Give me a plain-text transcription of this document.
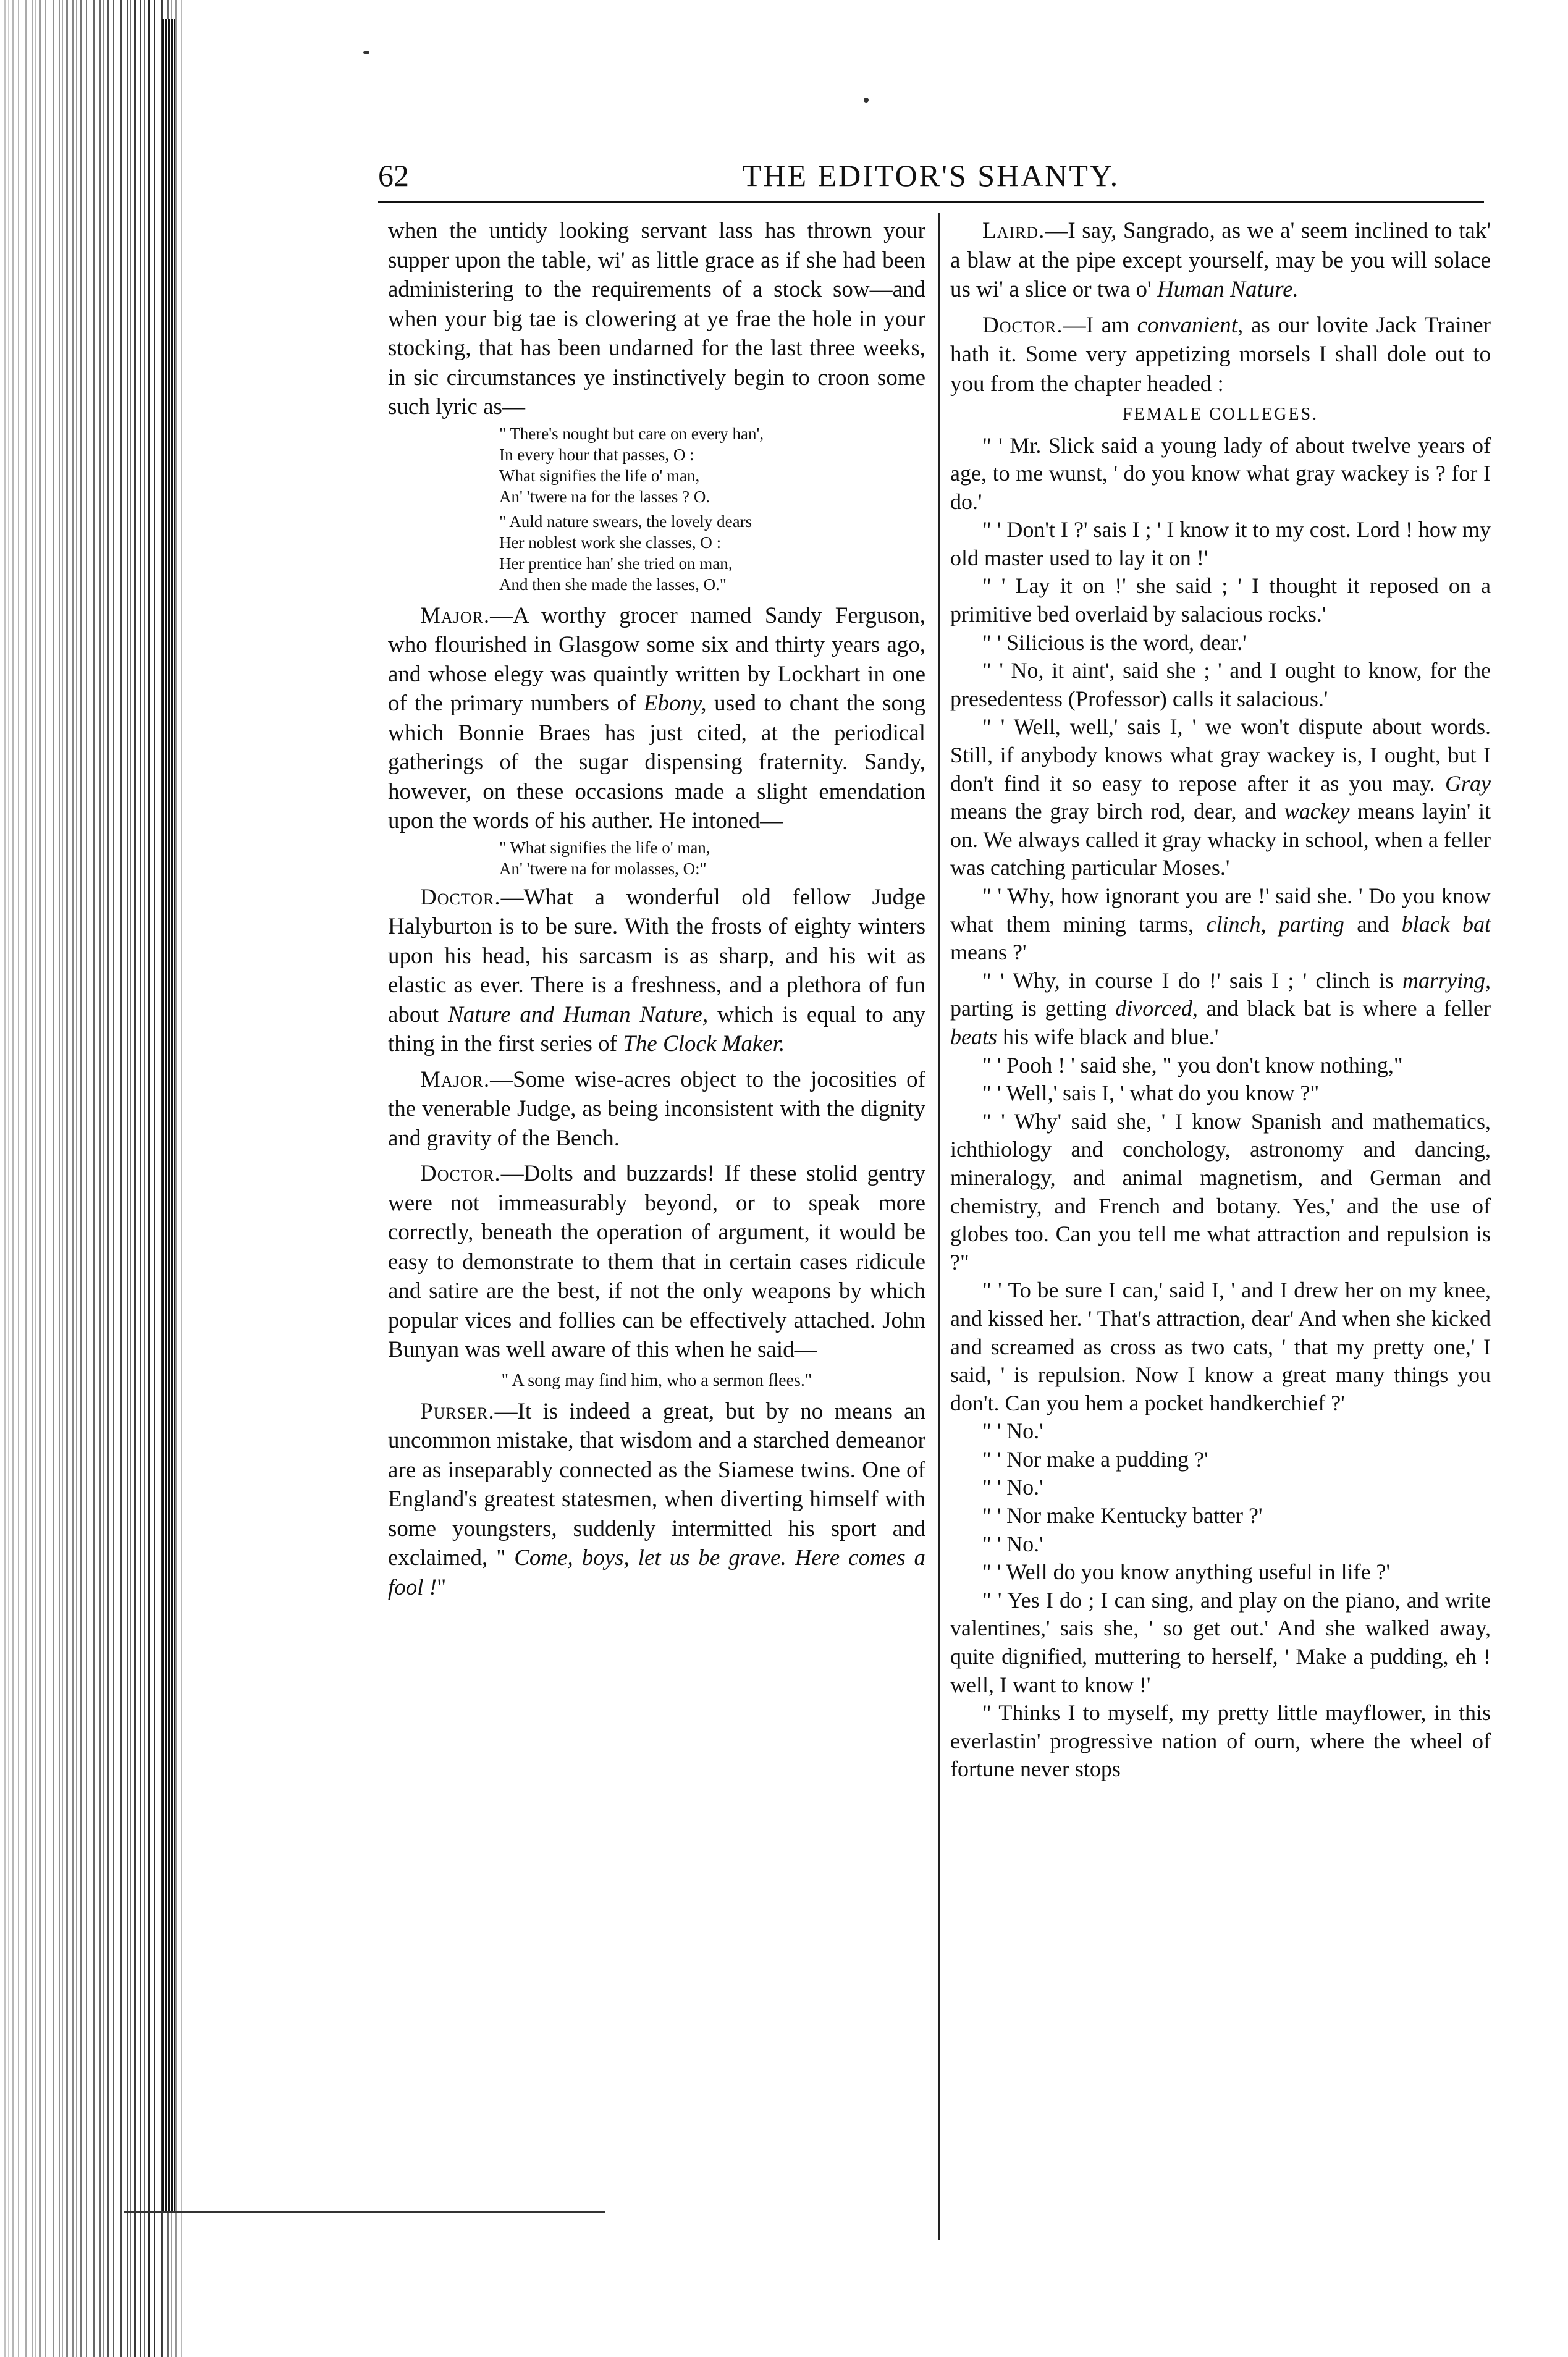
62	THE EDITOR'S SHANTY.

when the untidy looking servant lass has thrown your supper upon the table, wi' as little grace as if she had been administering to the requirements of a stock sow—and when your big tae is clowering at ye frae the hole in your stocking, that has been undarned for the last three weeks, in sic circumstances ye instinctively begin to croon some such lyric as—

" There's nought but care on every han',
In every hour that passes, O :
What signifies the life o' man,
An' 'twere na for the lasses ? O.
" Auld nature swears, the lovely dears
Her noblest work she classes, O :
Her prentice han' she tried on man,
And then she made the lasses, O."

Major.—A worthy grocer named Sandy Ferguson, who flourished in Glasgow some six and thirty years ago, and whose elegy was quaintly written by Lockhart in one of the primary numbers of Ebony, used to chant the song which Bonnie Braes has just cited, at the periodical gatherings of the sugar dispensing fraternity. Sandy, however, on these occasions made a slight emendation upon the words of his auther. He intoned—

" What signifies the life o' man,
An' 'twere na for molasses, O:"

Doctor.—What a wonderful old fellow Judge Halyburton is to be sure. With the frosts of eighty winters upon his head, his sarcasm is as sharp, and his wit as elastic as ever. There is a freshness, and a plethora of fun about Nature and Human Nature, which is equal to any thing in the first series of The Clock Maker.

Major.—Some wise-acres object to the jocosities of the venerable Judge, as being inconsistent with the dignity and gravity of the Bench.

Doctor.—Dolts and buzzards! If these stolid gentry were not immeasurably beyond, or to speak more correctly, beneath the operation of argument, it would be easy to demonstrate to them that in certain cases ridicule and satire are the best, if not the only weapons by which popular vices and follies can be effectively attached. John Bunyan was well aware of this when he said—

" A song may find him, who a sermon flees."

Purser.—It is indeed a great, but by no means an uncommon mistake, that wisdom and a starched demeanor are as inseparably connected as the Siamese twins. One of England's greatest statesmen, when diverting himself with some youngsters, suddenly intermitted his sport and exclaimed, " Come, boys, let us be grave. Here comes a fool !"

Laird.—I say, Sangrado, as we a' seem inclined to tak' a blaw at the pipe except yourself, may be you will solace us wi' a slice or twa o' Human Nature.

Doctor.—I am convanient, as our lovite Jack Trainer hath it. Some very appetizing morsels I shall dole out to you from the chapter headed :

FEMALE COLLEGES.

" ' Mr. Slick said a young lady of about twelve years of age, to me wunst, ' do you know what gray wackey is ? for I do.'

" ' Don't I ?' sais I ; ' I know it to my cost. Lord ! how my old master used to lay it on !'

" ' Lay it on !' she said ; ' I thought it reposed on a primitive bed overlaid by salacious rocks.'

" ' Silicious is the word, dear.'

" ' No, it aint', said she ; ' and I ought to know, for the presedentess (Professor) calls it salacious.'

" ' Well, well,' sais I, ' we won't dispute about words. Still, if anybody knows what gray wackey is, I ought, but I don't find it so easy to repose after it as you may. Gray means the gray birch rod, dear, and wackey means layin' it on. We always called it gray whacky in school, when a feller was catching particular Moses.'

" ' Why, how ignorant you are !' said she. ' Do you know what them mining tarms, clinch, parting and black bat means ?'

" ' Why, in course I do !' sais I ; ' clinch is marrying, parting is getting divorced, and black bat is where a feller beats his wife black and blue.'

" ' Pooh ! ' said she, " you don't know nothing,"

" ' Well,' sais I, ' what do you know ?"

" ' Why' said she, ' I know Spanish and mathematics, ichthiology and conchology, astronomy and dancing, mineralogy, and animal magnetism, and German and chemistry, and French and botany. Yes,' and the use of globes too. Can you tell me what attraction and repulsion is ?"

" ' To be sure I can,' said I, ' and I drew her on my knee, and kissed her. ' That's attraction, dear' And when she kicked and screamed as cross as two cats, ' that my pretty one,' I said, ' is repulsion. Now I know a great many things you don't. Can you hem a pocket handkerchief ?'

" ' No.'

" ' Nor make a pudding ?'

" ' No.'

" ' Nor make Kentucky batter ?'

" ' No.'

" ' Well do you know anything useful in life ?'

" ' Yes I do ; I can sing, and play on the piano, and write valentines,' sais she, ' so get out.' And she walked away, quite dignified, muttering to herself, ' Make a pudding, eh ! well, I want to know !'

" Thinks I to myself, my pretty little mayflower, in this everlastin' progressive nation of ourn, where the wheel of fortune never stops
